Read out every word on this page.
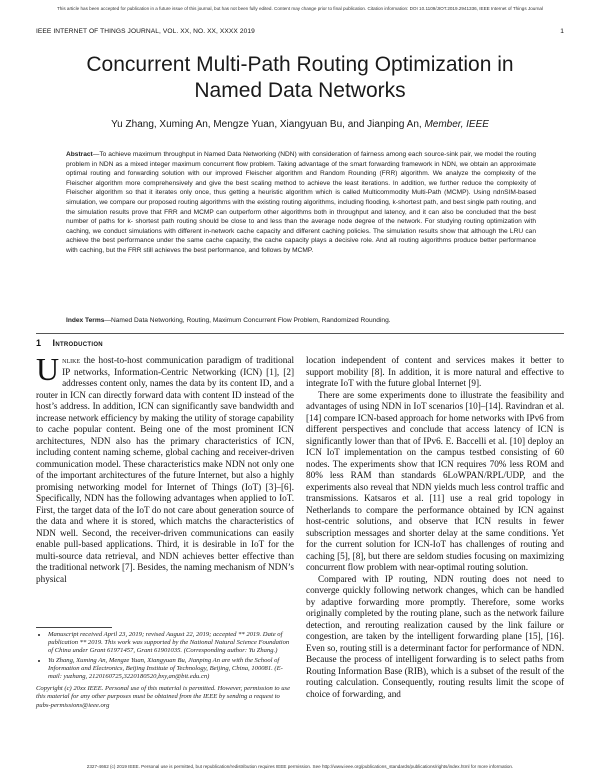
This article has been accepted for publication in a future issue of this journal, but has not been fully edited. Content may change prior to final publication. Citation information: DOI 10.1109/JIOT.2019.2941336, IEEE Internet of Things Journal
IEEE INTERNET OF THINGS JOURNAL, VOL. XX, NO. XX, XXXX 2019	1
Concurrent Multi-Path Routing Optimization in Named Data Networks
Yu Zhang, Xuming An, Mengze Yuan, Xiangyuan Bu, and Jianping An, Member, IEEE
Abstract—To achieve maximum throughput in Named Data Networking (NDN) with consideration of fairness among each source-sink pair, we model the routing problem in NDN as a mixed integer maximum concurrent flow problem. Taking advantage of the smart forwarding framework in NDN, we obtain an approximate optimal routing and forwarding solution with our improved Fleischer algorithm and Random Rounding (FRR) algorithm. We analyze the complexity of the Fleischer algorithm more comprehensively and give the best scaling method to achieve the least iterations. In addition, we further reduce the complexity of Fleischer algorithm so that it iterates only once, thus getting a heuristic algorithm which is called Multicommodity Multi-Path (MCMP). Using ndnSIM-based simulation, we compare our proposed routing algorithms with the existing routing algorithms, including flooding, k-shortest path, and best single path routing, and the simulation results prove that FRR and MCMP can outperform other algorithms both in throughput and latency, and it can also be concluded that the best number of paths for k- shortest path routing should be close to and less than the average node degree of the network. For studying routing optimization with caching, we conduct simulations with different in-network cache capacity and different caching policies. The simulation results show that although the LRU can achieve the best performance under the same cache capacity, the cache capacity plays a decisive role. And all routing algorithms produce better performance with caching, but the FRR still achieves the best performance, and follows by MCMP.
Index Terms—Named Data Networking, Routing, Maximum Concurrent Flow Problem, Randomized Rounding.
1 Introduction

Unlike the host-to-host communication paradigm of traditional IP networks, Information-Centric Networking (ICN) [1], [2] addresses content only, names the data by its content ID, and a router in ICN can directly forward data with content ID instead of the host’s address. In addition, ICN can significantly save bandwidth and increase network efficiency by making the utility of storage capability to cache popular content. Being one of the most prominent ICN architectures, NDN also has the primary characteristics of ICN, including content naming scheme, global caching and receiver-driven communication model. These characteristics make NDN not only one of the important architectures of the future Internet, but also a highly promising networking model for Internet of Things (IoT) [3]–[6]. Specifically, NDN has the following advantages when applied to IoT. First, the target data of the IoT do not care about generation source of the data and where it is stored, which matchs the characteristics of NDN well. Second, the receiver-driven communications can easily enable pull-based applications. Third, it is desirable in IoT for the multi-source data retrieval, and NDN achieves better effective than the traditional network [7]. Besides, the naming mechanism of NDN’s physical

location independent of content and services makes it better to support mobility [8]. In addition, it is more natural and effective to integrate IoT with the future global Internet [9].

There are some experiments done to illustrate the feasibility and advantages of using NDN in IoT scenarios [10]–[14]. Ravindran et al. [14] compare ICN-based approach for home networks with IPv6 from different perspectives and conclude that access latency of ICN is significantly lower than that of IPv6. E. Baccelli et al. [10] deploy an ICN IoT implementation on the campus testbed consisting of 60 nodes. The experiments show that ICN requires 70% less ROM and 80% less RAM than standards 6LoWPAN/RPL/UDP, and the experiments also reveal that NDN yields much less control traffic and transmissions. Katsaros et al. [11] use a real grid topology in Netherlands to compare the performance obtained by ICN against host-centric solutions, and observe that ICN results in fewer subscription messages and shorter delay at the same conditions. Yet for the current solution for ICN-IoT has challenges of routing and caching [5], [8], but there are seldom studies focusing on maximizing concurrent flow problem with near-optimal routing solution.

Compared with IP routing, NDN routing does not need to converge quickly following network changes, which can be handled by adaptive forwarding more promptly. Therefore, some works originally completed by the routing plane, such as the network failure detection, and rerouting realization caused by the link failure or congestion, are taken by the intelligent forwarding plane [15], [16]. Even so, routing still is a determinant factor for performance of NDN. Because the process of intelligent forwarding is to select paths from Routing Information Base (RIB), which is a subset of the result of the routing calculation. Consequently, routing results limit the scope of choice of forwarding, and

• Manuscript received April 23, 2019; revised August 22, 2019; accepted ** 2019. Date of publication ** 2019. This work was supported by the National Natural Science Foundation of China under Grant 61971457, Grant 61901035. (Corresponding author: Yu Zhang.)
• Yu Zhang, Xuming An, Mengze Yuan, Xiangyuan Bu, Jianping An are with the School of Information and Electronics, Beijing Institute of Technology, Beijing, China, 100081. (E-mail: yuzhang, 2120160725,3220180520,bxy,an@bit.edu.cn)
Copyright (c) 20xx IEEE. Personal use of this material is permitted. However, permission to use this material for any other purposes must be obtained from the IEEE by sending a request to pubs-permissions@ieee.org
2327-4662 (c) 2019 IEEE. Personal use is permitted, but republication/redistribution requires IEEE permission. See http://www.ieee.org/publications_standards/publications/rights/index.html for more information.
